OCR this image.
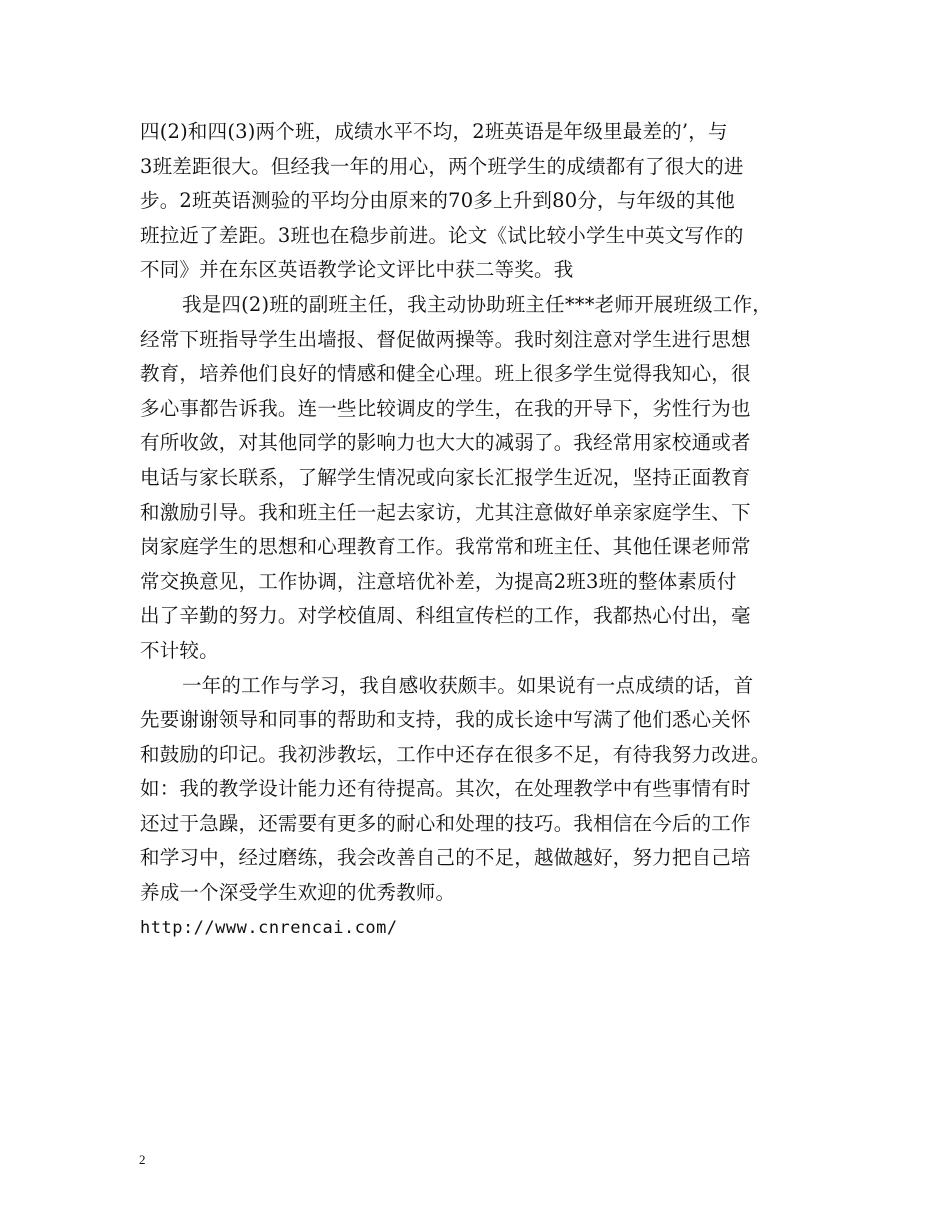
四(2)和四(3)两个班，成绩水平不均，2班英语是年级里最差的’，与
3班差距很大。但经我一年的用心，两个班学生的成绩都有了很大的进
步。2班英语测验的平均分由原来的70多上升到80分，与年级的其他
班拉近了差距。3班也在稳步前进。论文《试比较小学生中英文写作的
不同》并在东区英语教学论文评比中获二等奖。我
我是四(2)班的副班主任，我主动协助班主任***老师开展班级工作，
经常下班指导学生出墙报、督促做两操等。我时刻注意对学生进行思想
教育，培养他们良好的情感和健全心理。班上很多学生觉得我知心，很
多心事都告诉我。连一些比较调皮的学生，在我的开导下，劣性行为也
有所收敛，对其他同学的影响力也大大的减弱了。我经常用家校通或者
电话与家长联系，了解学生情况或向家长汇报学生近况，坚持正面教育
和激励引导。我和班主任一起去家访，尤其注意做好单亲家庭学生、下
岗家庭学生的思想和心理教育工作。我常常和班主任、其他任课老师常
常交换意见，工作协调，注意培优补差，为提高2班3班的整体素质付
出了辛勤的努力。对学校值周、科组宣传栏的工作，我都热心付出，毫
不计较。
一年的工作与学习，我自感收获颇丰。如果说有一点成绩的话，首
先要谢谢领导和同事的帮助和支持，我的成长途中写满了他们悉心关怀
和鼓励的印记。我初涉教坛，工作中还存在很多不足，有待我努力改进。
如：我的教学设计能力还有待提高。其次，在处理教学中有些事情有时
还过于急躁，还需要有更多的耐心和处理的技巧。我相信在今后的工作
和学习中，经过磨练，我会改善自己的不足，越做越好，努力把自己培
养成一个深受学生欢迎的优秀教师。
http://www.cnrencai.com/
2
